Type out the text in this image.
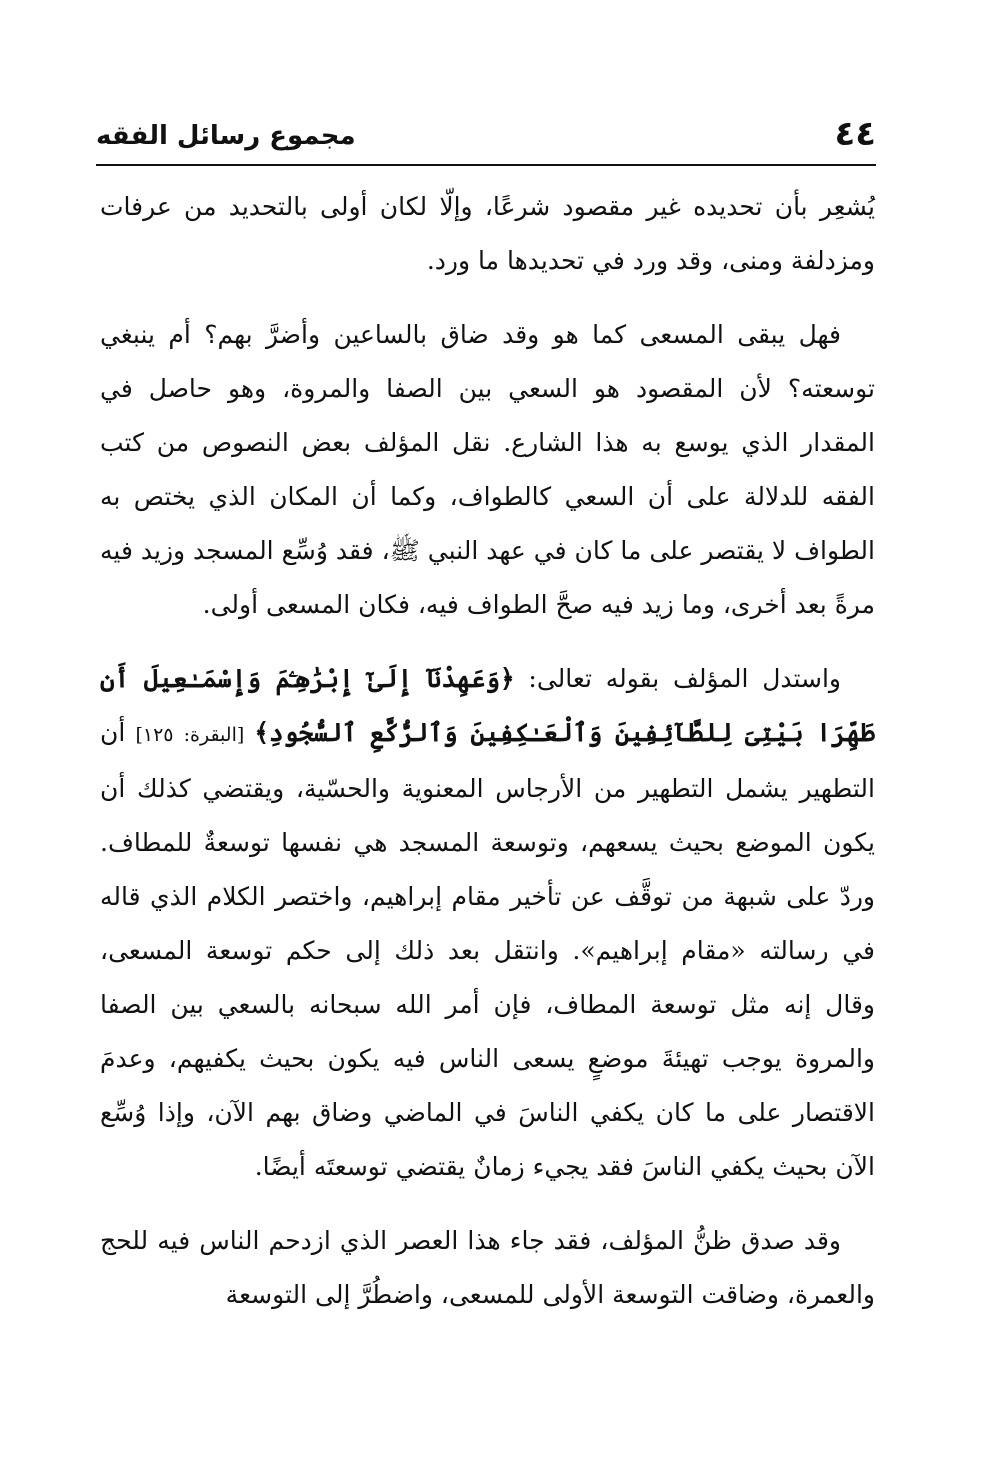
٤٤
مجموع رسائل الفقه

يُشعِر بأن تحديده غير مقصود شرعًا، وإلّا لكان أولى بالتحديد من عرفات ومزدلفة ومنى، وقد ورد في تحديدها ما ورد.

فهل يبقى المسعى كما هو وقد ضاق بالساعين وأضرَّ بهم؟ أم ينبغي توسعته؟ لأن المقصود هو السعي بين الصفا والمروة، وهو حاصل في المقدار الذي يوسع به هذا الشارع. نقل المؤلف بعض النصوص من كتب الفقه للدلالة على أن السعي كالطواف، وكما أن المكان الذي يختص به الطواف لا يقتصر على ما كان في عهد النبي ﷺ، فقد وُسِّع المسجد وزيد فيه مرةً بعد أخرى، وما زيد فيه صحَّ الطواف فيه، فكان المسعى أولى.

واستدل المؤلف بقوله تعالى: ﴿وَعَهِدْنَآ إِلَىٰٓ إِبْرَٰهِـۧمَ وَإِسْمَـٰعِيلَ أَن طَهِّرَا بَيْتِىَ لِلطَّآئِفِينَ وَٱلْعَـٰكِفِينَ وَٱلرُّكَّعِ ٱلسُّجُودِ﴾ [البقرة: ١٢٥] أن التطهير يشمل التطهير من الأرجاس المعنوية والحسّية، ويقتضي كذلك أن يكون الموضع بحيث يسعهم، وتوسعة المسجد هي نفسها توسعةٌ للمطاف. وردّ على شبهة من توقَّف عن تأخير مقام إبراهيم، واختصر الكلام الذي قاله في رسالته «مقام إبراهيم». وانتقل بعد ذلك إلى حكم توسعة المسعى، وقال إنه مثل توسعة المطاف، فإن أمر الله سبحانه بالسعي بين الصفا والمروة يوجب تهيئةَ موضعٍ يسعى الناس فيه يكون بحيث يكفيهم، وعدمَ الاقتصار على ما كان يكفي الناسَ في الماضي وضاق بهم الآن، وإذا وُسِّع الآن بحيث يكفي الناسَ فقد يجيء زمانٌ يقتضي توسعتَه أيضًا.

وقد صدق ظنُّ المؤلف، فقد جاء هذا العصر الذي ازدحم الناس فيه للحج والعمرة، وضاقت التوسعة الأولى للمسعى، واضطُرَّ إلى التوسعة
